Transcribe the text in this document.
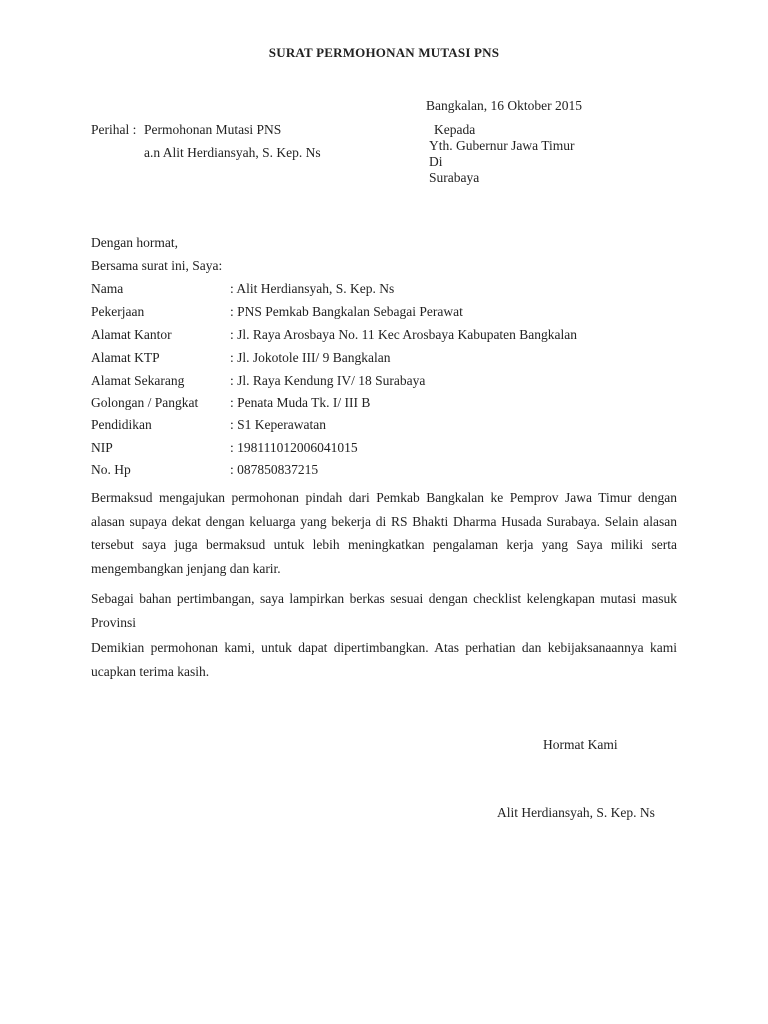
SURAT PERMOHONAN MUTASI PNS
Bangkalan, 16 Oktober 2015
Perihal : Permohonan Mutasi PNS
a.n Alit Herdiansyah, S. Kep. Ns
Kepada
Yth. Gubernur Jawa Timur
Di
Surabaya
Dengan hormat,
Bersama surat ini, Saya:
Nama	: Alit Herdiansyah, S. Kep. Ns
Pekerjaan	: PNS Pemkab Bangkalan Sebagai Perawat
Alamat Kantor	: Jl. Raya Arosbaya No. 11 Kec Arosbaya Kabupaten Bangkalan
Alamat KTP	: Jl. Jokotole III/ 9 Bangkalan
Alamat Sekarang	: Jl. Raya Kendung IV/ 18 Surabaya
Golongan / Pangkat : Penata Muda Tk. I/ III B
Pendidikan	: S1 Keperawatan
NIP	: 198111012006041015
No. Hp	: 087850837215
Bermaksud mengajukan permohonan pindah dari Pemkab Bangkalan ke Pemprov Jawa Timur dengan alasan supaya dekat dengan keluarga yang bekerja di RS Bhakti Dharma Husada Surabaya. Selain alasan tersebut saya juga bermaksud untuk lebih meningkatkan pengalaman kerja yang Saya miliki serta mengembangkan jenjang dan karir.
Sebagai bahan pertimbangan, saya lampirkan berkas sesuai dengan checklist kelengkapan mutasi masuk Provinsi
Demikian permohonan kami, untuk dapat dipertimbangkan. Atas perhatian dan kebijaksanaannya kami ucapkan terima kasih.
Hormat Kami
Alit Herdiansyah, S. Kep. Ns
